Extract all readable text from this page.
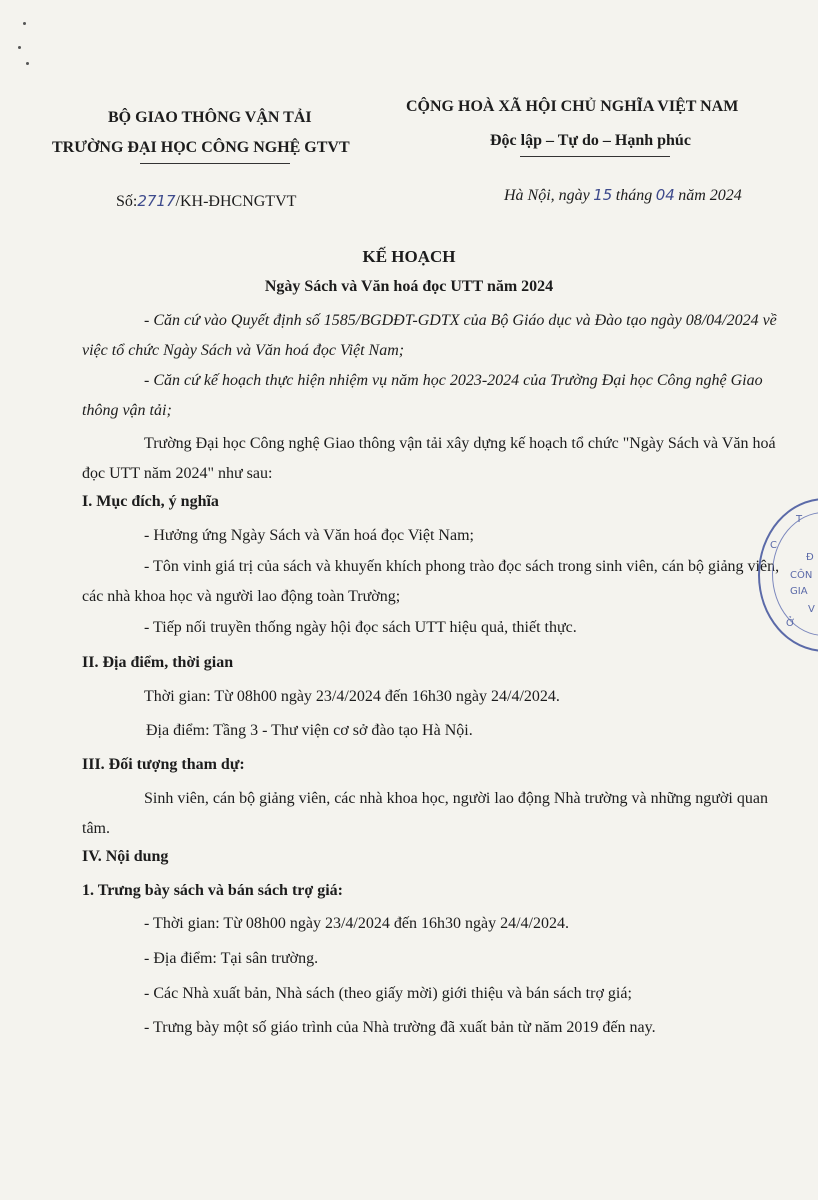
BỘ GIAO THÔNG VẬN TẢI
TRƯỜNG ĐẠI HỌC CÔNG NGHỆ GTVT
CỘNG HOÀ XÃ HỘI CHỦ NGHĨA VIỆT NAM
Độc lập – Tự do – Hạnh phúc
Số:2717/KH-ĐHCNGTVT	Hà Nội, ngày 15 tháng 04 năm 2024
KẾ HOẠCH
Ngày Sách và Văn hoá đọc UTT năm 2024
- Căn cứ vào Quyết định số 1585/BGDĐT-GDTX của Bộ Giáo dục và Đào tạo ngày 08/04/2024 về việc tổ chức Ngày Sách và Văn hoá đọc Việt Nam;
- Căn cứ kế hoạch thực hiện nhiệm vụ năm học 2023-2024 của Trường Đại học Công nghệ Giao thông vận tải;
Trường Đại học Công nghệ Giao thông vận tải xây dựng kế hoạch tổ chức "Ngày Sách và Văn hoá đọc UTT năm 2024" như sau:
I. Mục đích, ý nghĩa
- Hưởng ứng Ngày Sách và Văn hoá đọc Việt Nam;
- Tôn vinh giá trị của sách và khuyến khích phong trào đọc sách trong sinh viên, cán bộ giảng viên, các nhà khoa học và người lao động toàn Trường;
- Tiếp nối truyền thống ngày hội đọc sách UTT hiệu quả, thiết thực.
II. Địa điểm, thời gian
Thời gian: Từ 08h00 ngày 23/4/2024 đến 16h30 ngày 24/4/2024.
Địa điểm: Tầng 3 - Thư viện cơ sở đào tạo Hà Nội.
III. Đối tượng tham dự:
Sinh viên, cán bộ giảng viên, các nhà khoa học, người lao động Nhà trường và những người quan tâm.
IV. Nội dung
1. Trưng bày sách và bán sách trợ giá:
- Thời gian: Từ 08h00 ngày 23/4/2024 đến 16h30 ngày 24/4/2024.
- Địa điểm: Tại sân trường.
- Các Nhà xuất bản, Nhà sách (theo giấy mời) giới thiệu và bán sách trợ giá;
- Trưng bày một số giáo trình của Nhà trường đã xuất bản từ năm 2019 đến nay.
T
Đ
CÔN
GIA
V
Ở
C
